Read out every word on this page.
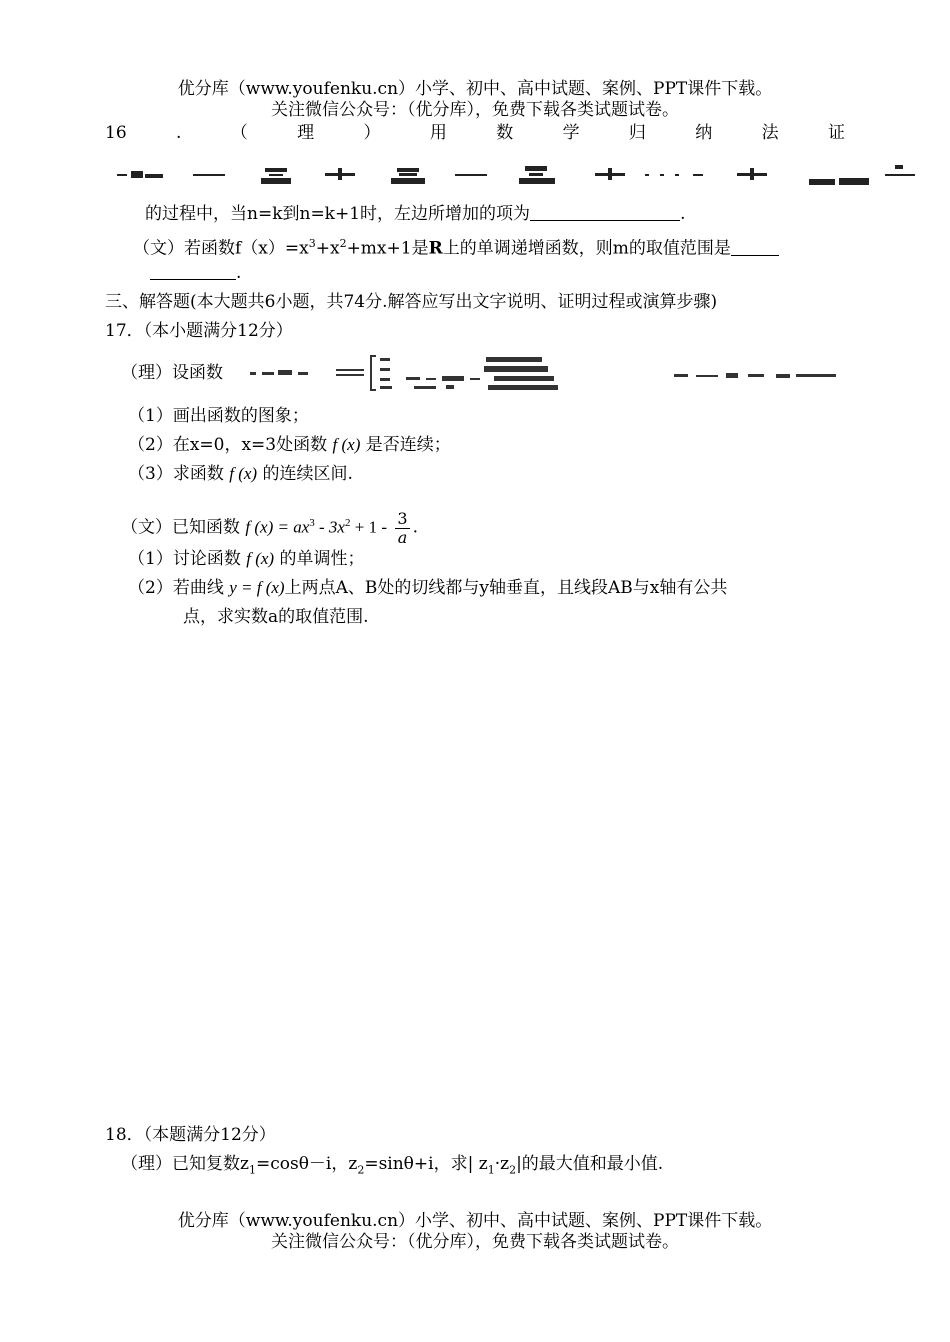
优分库（www.youfenku.cn）小学、初中、高中试题、案例、PPT课件下载。
关注微信公众号：（优分库），免费下载各类试题试卷。
16	.	（	理	）	用	数	学	归	纳	法	证
的过程中，当n=k到n=k+1时，左边所增加的项为	.
（文）若函数$f(x)=x^3+x^2+mx+1$是R上的单调递增函数，则m的取值范围是
.
三、解答题(本大题共6小题，共74分.解答应写出文字说明、证明过程或演算步骤)
17．（本小题满分12分）
（理）设函数
（1）画出函数的图象；
（2）在x=0，x=3处函数 f (x) 是否连续；
（3）求函数 f (x) 的连续区间.
（文）已知函数 f $(x) = ax^3 - 3x^2 + 1 - \frac{3}{a}$ .
（1）讨论函数 f (x) 的单调性；
（2）若曲线 y = f (x)上两点A、B处的切线都与y轴垂直，且线段AB与x轴有公共
点，求实数a的取值范围.
18．（本题满分12分）
（理）已知复数$z_1=\cos\theta-i$，$z_2=\sin\theta+i$，求| $z_1\cdot z_2|$的最大值和最小值.
优分库（www.youfenku.cn）小学、初中、高中试题、案例、PPT课件下载。
关注微信公众号：（优分库），免费下载各类试题试卷。
